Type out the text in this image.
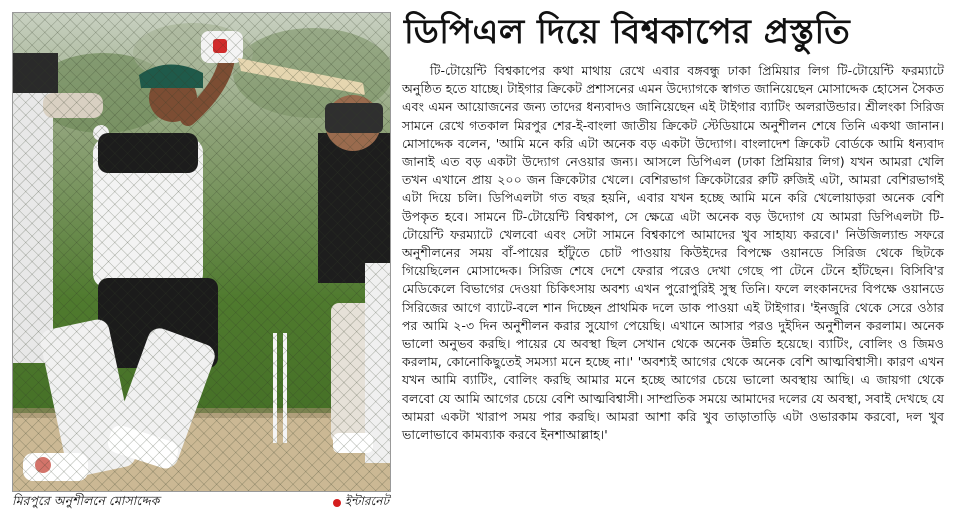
মিরপুরে অনুশীলনে মোসাদ্দেক	ইন্টারনেট
ডিপিএল দিয়ে বিশ্বকাপের প্রস্তুতি

টি-টোয়েন্টি বিশ্বকাপের কথা মাথায় রেখে এবার বঙ্গবন্ধু ঢাকা প্রিমিয়ার লিগ টি-টোয়েন্টি ফরম্যাটে অনুষ্ঠিত হতে যাচ্ছে। টাইগার ক্রিকেট প্রশাসনের এমন উদ্যোগকে স্বাগত জানিয়েছেন মোসাদ্দেক হোসেন সৈকত এবং এমন আয়োজনের জন্য তাদের ধন্যবাদও জানিয়েছেন এই টাইগার ব্যাটিং অলরাউন্ডার। শ্রীলংকা সিরিজ সামনে রেখে গতকাল মিরপুর শের-ই-বাংলা জাতীয় ক্রিকেট স্টেডিয়ামে অনুশীলন শেষে তিনি একথা জানান। মোসাদ্দেক বলেন, 'আমি মনে করি এটা অনেক বড় একটা উদ্যোগ। বাংলাদেশ ক্রিকেট বোর্ডকে আমি ধন্যবাদ জানাই এত বড় একটা উদ্যোগ নেওয়ার জন্য। আসলে ডিপিএল (ঢাকা প্রিমিয়ার লিগ) যখন আমরা খেলি তখন এখানে প্রায় ২০০ জন ক্রিকেটার খেলে। বেশিরভাগ ক্রিকেটারের রুটি রুজিই এটা, আমরা বেশিরভাগই এটা দিয়ে চলি। ডিপিএলটা গত বছর হয়নি, এবার যখন হচ্ছে আমি মনে করি খেলোয়াড়রা অনেক বেশি উপকৃত হবে। সামনে টি-টোয়েন্টি বিশ্বকাপ, সে ক্ষেত্রে এটা অনেক বড় উদ্যোগ যে আমরা ডিপিএলটা টি-টোয়েন্টি ফরম্যাটে খেলবো এবং সেটা সামনে বিশ্বকাপে আমাদের খুব সাহায্য করবে।' নিউজিল্যান্ড সফরে অনুশীলনের সময় বাঁ-পায়ের হাঁটুতে চোট পাওয়ায় কিউইদের বিপক্ষে ওয়ানডে সিরিজ থেকে ছিটকে গিয়েছিলেন মোসাদ্দেক। সিরিজ শেষে দেশে ফেরার পরেও দেখা গেছে পা টেনে টেনে হাঁটছেন। বিসিবি'র মেডিকেলে বিভাগের দেওয়া চিকিৎসায় অবশ্য এখন পুরোপুরিই সুস্থ তিনি। ফলে লংকানদের বিপক্ষে ওয়ানডে সিরিজের আগে ব্যাটে-বলে শান দিচ্ছেন প্রাথমিক দলে ডাক পাওয়া এই টাইগার। 'ইনজুরি থেকে সেরে ওঠার পর আমি ২-৩ দিন অনুশীলন করার সুযোগ পেয়েছি। এখানে আসার পরও দুইদিন অনুশীলন করলাম। অনেক ভালো অনুভব করছি। পায়ের যে অবস্থা ছিল সেখান থেকে অনেক উন্নতি হয়েছে। ব্যাটিং, বোলিং ও জিমও করলাম, কোনোকিছুতেই সমস্যা মনে হচ্ছে না।' 'অবশ্যই আগের থেকে অনেক বেশি আত্মবিশ্বাসী। কারণ এখন যখন আমি ব্যাটিং, বোলিং করছি আমার মনে হচ্ছে আগের চেয়ে ভালো অবস্থায় আছি। এ জায়গা থেকে বলবো যে আমি আগের চেয়ে বেশি আত্মবিশ্বাসী। সাম্প্রতিক সময়ে আমাদের দলের যে অবস্থা, সবাই দেখছে যে আমরা একটা খারাপ সময় পার করছি। আমরা আশা করি খুব তাড়াতাড়ি এটা ওভারকাম করবো, দল খুব ভালোভাবে কামব্যাক করবে ইনশাআল্লাহ।'
